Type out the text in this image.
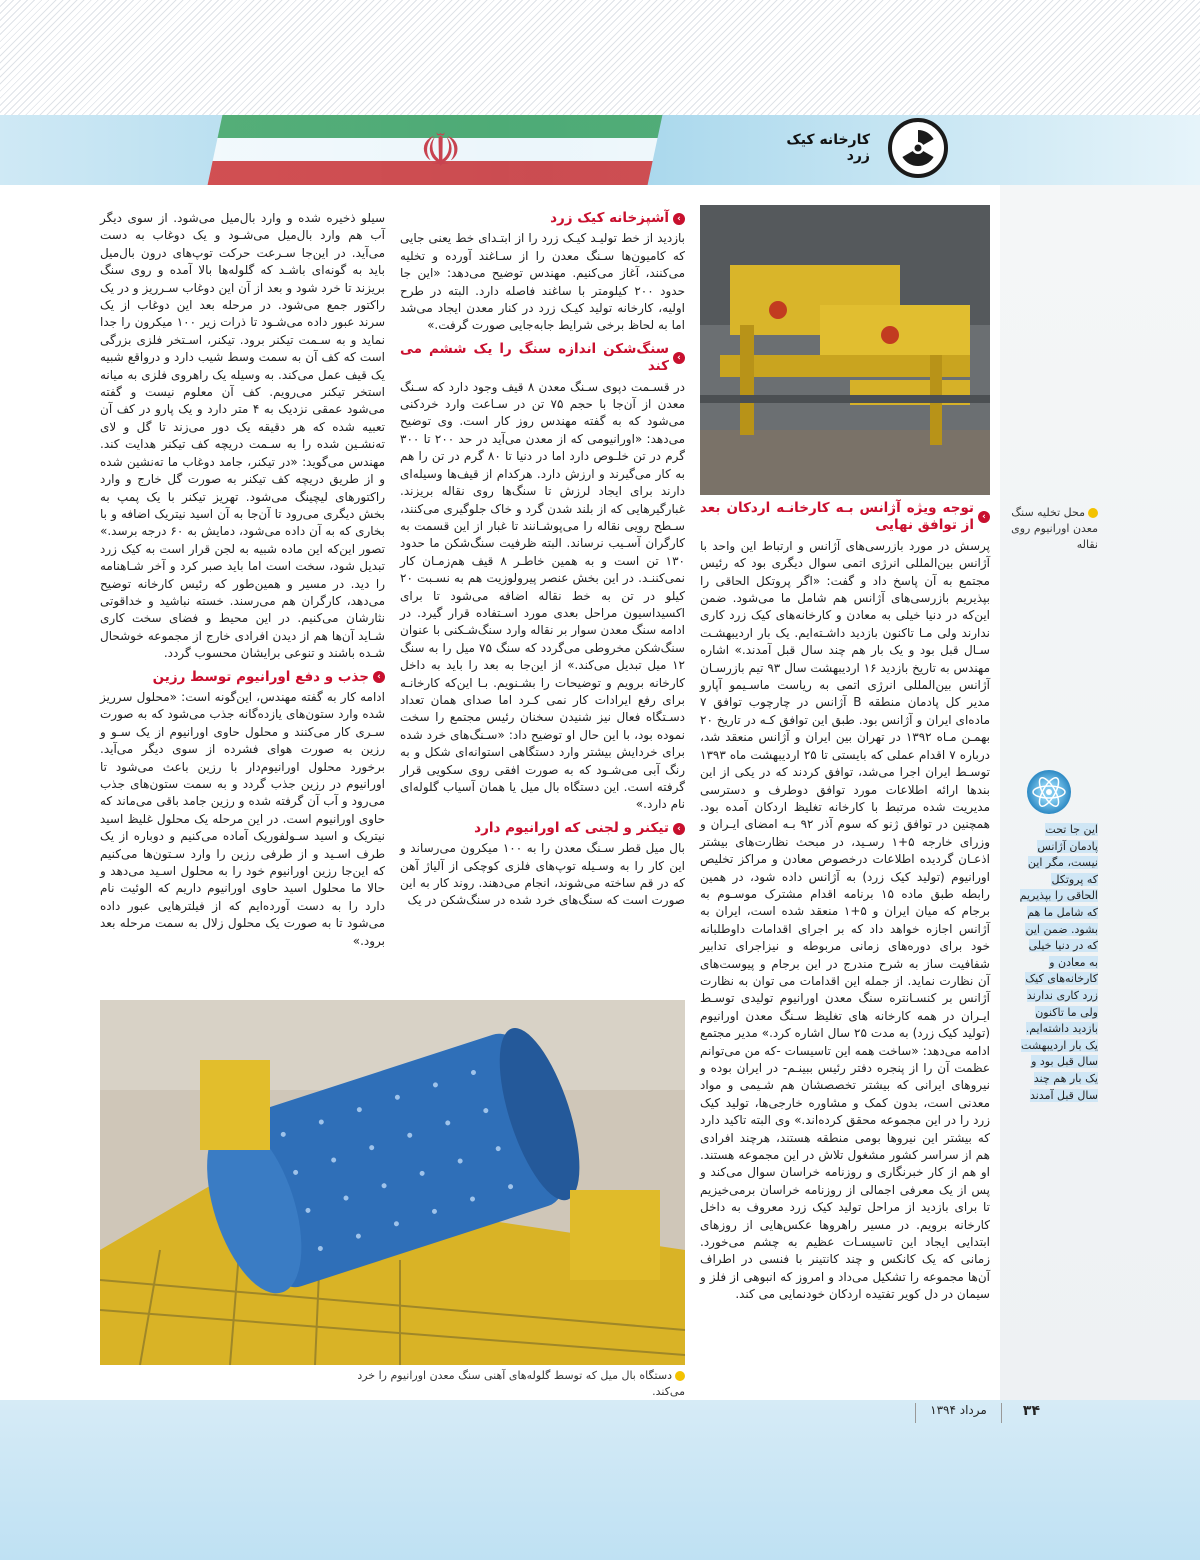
☫	کارخانه کیک زرد
محل تخلیه سنگ معدن اورانیوم روی نقاله
این جا تحت پادمان آژانس نیست، مگر این که پروتکل الحاقی را بپذیریم که شامل ما هم بشود. ضمن این که در دنیا خیلی به معادن و کارخانه‌های کیک زرد کاری ندارند ولی ما تاکنون بازدید داشته‌ایم. یک بار اردیبهشت سال قبل بود و یک بار هم چند سال قبل آمدند
›
توجه ویژه آژانس بـه کارخانـه اردکان بعد از توافق نهایی

پرسش در مورد بازرسی‌های آژانس و ارتباط این واحد با آژانس بین‌المللی انرژی اتمی سوال دیگری بود که رئیس مجتمع به آن پاسخ داد و گفت: «اگر پروتکل الحاقی را بپذیریم بازرسی‌های آژانس هم شامل ما می‌شود. ضمن این‌که در دنیا خیلی به معادن و کارخانه‌های کیک زرد کاری ندارند ولی مـا تاکنون بازدید داشـته‌ایم. یک بار اردیبهشـت سـال قبل بود و یک بار هم چند سال قبل آمدند.» اشاره مهندس به تاریخ بازدید ۱۶ اردیبهشت سال ۹۳ تیم بازرسـان آژانس بین‌المللی انرژی اتمی به ریاست ماسـیمو آپارو مدیر کل پادمان منطقه B آژانس در چارچوب توافق ۷ ماده‌ای ایران و آژانس بود. طبق این توافق کـه در تاریخ ۲۰ بهمـن مـاه ۱۳۹۲ در تهران بین ایران و آژانس منعقد شد، درباره ۷ اقدام عملی که بایستی تا ۲۵ اردیبهشت ماه ۱۳۹۳ توسـط ایران اجرا می‌شد، توافق کردند که در یکی از این بندها ارائه اطلاعات مورد توافق دوطرف و دسترسی مدیریت شده مرتبط با کارخانه تغلیظ اردکان آمده بود. همچنین در توافق ژنو که سوم آذر ۹۲ بـه امضای ایـران و وزرای خارجه ۵+۱ رسـید، در مبحث نظارت‌های بیشتر اذعـان گردیده اطلاعات درخصوص معادن و مراکز تخلیص اورانیوم (تولید کیک زرد) به آژانس داده شود، در همین رابطه طبق ماده ۱۵ برنامه اقدام مشترک موسـوم به برجام که میان ایران و ۵+۱ منعقد شده است، ایران به آژانس اجازه خواهد داد که بر اجرای اقدامات داوطلبانه خود برای دوره‌های زمانی مربوطه و نیزاجرای تدابیر شفافیت ساز به شرح مندرج در این برجام و پیوست‌های آن نظارت نماید. از جمله این اقدامات می توان به نظارت آژانس بر کنسـانتره سنگ معدن اورانیوم تولیدی توسـط ایـران در همه کارخانه های تغلیظ سـنگ معدن اورانیوم (تولید کیک زرد) به مدت ۲۵ سال اشاره کرد.» مدیر مجتمع ادامه می‌دهد: «ساخت همه این تاسیسات -که من می‌توانم عظمت آن را از پنجره دفتر رئیس ببینـم- در ایران بوده و نیروهای ایرانی که بیشتر تخصصشان هم شـیمی و مواد معدنی است، بدون کمک و مشاوره خارجی‌ها، تولید کیک زرد را در این مجموعه محقق کرده‌اند.» وی البته تاکید دارد که بیشتر این نیروها بومی منطقه هستند، هرچند افرادی هم از سراسر کشور مشغول تلاش در این مجموعه هستند. او هم از کار خبرنگاری و روزنامه خراسان سوال می‌کند و پس از یک معرفی اجمالی از روزنامه خراسان برمی‌خیزیم تا برای بازدید از مراحل تولید کیک زرد معروف به داخل کارخانه برویم. در مسیر راهروها عکس‌هایی از روزهای ابتدایی ایجاد این تاسیسـات عظیم به چشم می‌خورد. زمانی که یک کانکس و چند کانتینر با فنسی در اطراف آن‌ها مجموعه را تشکیل می‌داد و امروز که انبوهی از فلز و سیمان در دل کویر تفتیده اردکان خودنمایی می کند.

›
آشپزخانه کیک زرد

بازدید از خط تولیـد کیـک زرد را از ابتـدای خط یعنی جایی که کامیون‌ها سـنگ معدن را از سـاغند آورده و تخلیه می‌کنند، آغاز می‌کنیم. مهندس توضیح می‌دهد: «این جا حدود ۲۰۰ کیلومتر با ساغند فاصله دارد. البته در طرح اولیه، کارخانه تولید کیـک زرد در کنار معدن ایجاد می‌شد اما به لحاظ برخی شرایط جابه‌جایی صورت گرفت.»

›
سنگ‌شکن اندازه سنگ را یک ششم می کند

در قسـمت دپوی سـنگ معدن ۸ قیف وجود دارد که سـنگ معدن از آن‌جا با حجم ۷۵ تن در سـاعت وارد خردکنی می‌شود که به گفته مهندس روز کار است. وی توضیح می‌دهد: «اورانیومی که از معدن می‌آید در حد ۲۰۰ تا ۳۰۰ گرم در تن خلـوص دارد اما در دنیا تا ۸۰ گرم در تن را هم به کار می‌گیرند و ارزش دارد. هرکدام از قیف‌ها وسیله‌ای دارند برای ایجاد لرزش تا سنگ‌ها روی نقاله بریزند. غبارگیرهایی که از بلند شدن گرد و خاک جلوگیری می‌کنند، سـطح رویی نقاله را می‌پوشـانند تا غبار از این قسمت به کارگران آسـیب نرساند. البته ظرفیت سنگ‌شکن ما حدود ۱۳۰ تن است و به همین خاطـر ۸ قیف هم‌زمـان کار نمی‌کننـد. در این بخش عنصر پیرولوزیت هم به نسـبت ۲۰ کیلو در تن به خط نقاله اضافه می‌شود تا برای اکسیداسیون مراحل بعدی مورد اسـتفاده قرار گیرد. در ادامه سنگ معدن سوار بر نقاله وارد سنگ‌شـکنی با عنوان سنگ‌شکن مخروطی می‌گردد که سنگ ۷۵ میل را به سنگ ۱۲ میل تبدیل می‌کند.» از این‌جا به بعد را باید به داخل کارخانه برویم و توضیحات را بشـنویم. بـا این‌که کارخانـه برای رفع ایرادات کار نمی کـرد اما صدای همان تعداد دسـتگاه فعال نیز شنیدن سخنان رئیس مجتمع را سخت نموده بود، با این حال او توضیح داد: «سـنگ‌های خرد شده برای خردایش بیشتر وارد دستگاهی استوانه‌ای شکل و به رنگ آبی می‌شـود که به صورت افقی روی سکویی قرار گرفته است. این دستگاه بال میل یا همان آسیاب گلوله‌ای نام دارد.»

›
تیکنر و لجنی که اورانیوم دارد

بال میل قطر سـنگ معدن را به ۱۰۰ میکرون می‌رساند و این کار را به وسـیله توپ‌های فلزی کوچکی از آلیاژ آهن که در قم ساخته می‌شوند، انجام می‌دهند. روند کار به این صورت است که سنگ‌های خرد شده در سنگ‌شکن در یک

سیلو ذخیره شده و وارد بال‌میل می‌شود. از سوی دیگر آب هم وارد بال‌میل می‌شـود و یک دوغاب به دست می‌آید. در این‌جا سـرعت حرکت توپ‌های درون بال‌میل باید به گونه‌ای باشـد که گلوله‌ها بالا آمده و روی سنگ بریزند تا خرد شود و بعد از آن این دوغاب سـرریز و در یک راکتور جمع می‌شود. در مرحله بعد این دوغاب از یک سرند عبور داده می‌شـود تا ذرات زیر ۱۰۰ میکرون را جدا نماید و به سـمت تیکنر برود. تیکنر، اسـتخر فلزی بزرگی است که کف آن به سمت وسط شیب دارد و درواقع شبیه یک قیف عمل می‌کند. به وسیله یک راهروی فلزی به میانه استخر تیکنر می‌رویم. کف آن معلوم نیست و گفته می‌شود عمقی نزدیک به ۴ متر دارد و یک پارو در کف آن تعبیه شده که هر دقیقه یک دور می‌زند تا گل و لای ته‌نشـین شده را به سـمت دریچه کف تیکنر هدایت کند. مهندس می‌گوید: «در تیکنر، جامد دوغاب ما ته‌نشین شده و از طریق دریچه کف تیکنر به صورت گل خارج و وارد راکتورهای لیچینگ می‌شود. تهریز تیکنر با یک پمپ به بخش دیگری می‌رود تا آن‌جا به آن اسید نیتریک اضافه و با بخاری که به آن داده می‌شود، دمایش به ۶۰ درجه برسد.» تصور این‌که این ماده شبیه به لجن قرار است به کیک زرد تبدیل شود، سخت است اما باید صبر کرد و آخر شـاهنامه را دید. در مسیر و همین‌طور که رئیس کارخانه توضیح می‌دهد، کارگران هم می‌رسند. خسته نباشید و خداقوتی نثارشان می‌کنیم. در این محیط و فضای سخت کاری شـاید آن‌ها هم از دیدن افرادی خارج از مجموعه خوشحال شـده باشند و تنوعی برایشان محسوب گردد.

›
جذب و دفع اورانیوم توسط رزین

ادامه کار به گفته مهندس، این‌گونه است: «محلول سرریز شده وارد ستون‌های یازده‌گانه جذب می‌شود که به صورت سـری کار می‌کنند و محلول حاوی اورانیوم از یک سـو و رزین به صورت هوای فشرده از سوی دیگر می‌آید. برخورد محلول اورانیوم‌دار با رزین باعث می‌شود تا اورانیوم در رزین جذب گردد و به سمت ستون‌های جذب می‌رود و آب آن گرفته شده و رزین جامد باقی می‌ماند که حاوی اورانیوم است. در این مرحله یک محلول غلیظ اسید نیتریک و اسید سـولفوریک آماده می‌کنیم و دوباره از یک طرف اسـید و از طرفی رزین را وارد سـتون‌ها می‌کنیم که این‌جا رزین اورانیوم خود را به محلول اسـید می‌دهد و حالا ما محلول اسید حاوی اورانیوم داریم که الوئیت نام دارد را به دست آورده‌ایم که از فیلترهایی عبور داده می‌شود تا به صورت یک محلول زلال به سمت مرحله بعد برود.»

دستگاه بال میل که توسط گلوله‌های آهنی سنگ معدن اورانیوم را خرد می‌کند.
۳۴
مرداد ۱۳۹۴
